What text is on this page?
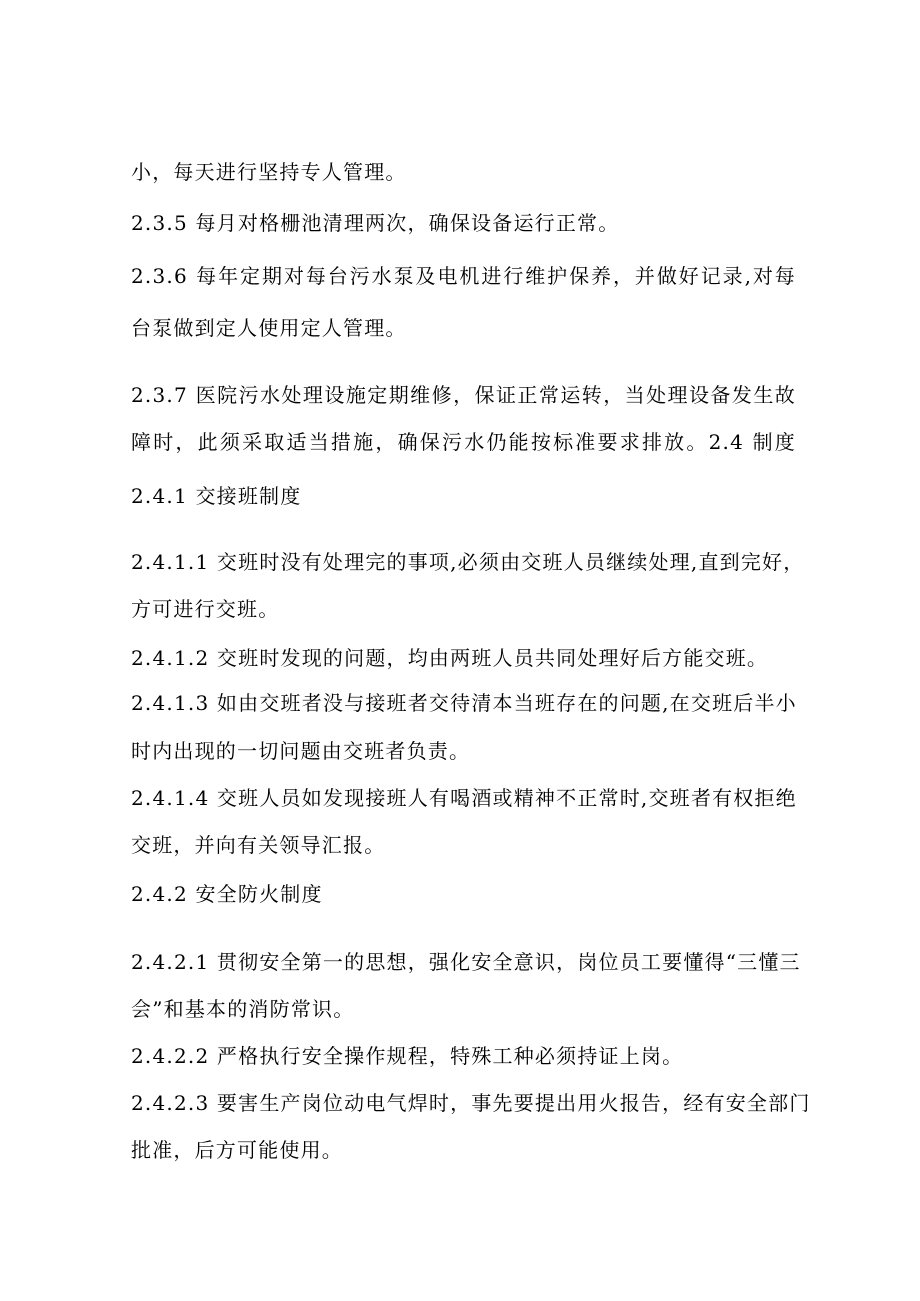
小，每天进行坚持专人管理。
2.3.5 每月对格栅池清理两次，确保设备运行正常。
2.3.6 每年定期对每台污水泵及电机进行维护保养，并做好记录,对每
台泵做到定人使用定人管理。
2.3.7 医院污水处理设施定期维修，保证正常运转，当处理设备发生故
障时，此须采取适当措施，确保污水仍能按标准要求排放。2.4 制度
2.4.1 交接班制度
2.4.1.1 交班时没有处理完的事项,必须由交班人员继续处理,直到完好，
方可进行交班。
2.4.1.2 交班时发现的问题，均由两班人员共同处理好后方能交班。
2.4.1.3 如由交班者没与接班者交待清本当班存在的问题,在交班后半小
时内出现的一切问题由交班者负责。
2.4.1.4 交班人员如发现接班人有喝酒或精神不正常时,交班者有权拒绝
交班，并向有关领导汇报。
2.4.2 安全防火制度
2.4.2.1 贯彻安全第一的思想，强化安全意识，岗位员工要懂得“三懂三
会”和基本的消防常识。
2.4.2.2 严格执行安全操作规程，特殊工种必须持证上岗。
2.4.2.3 要害生产岗位动电气焊时，事先要提出用火报告，经有安全部门
批准，后方可能使用。
